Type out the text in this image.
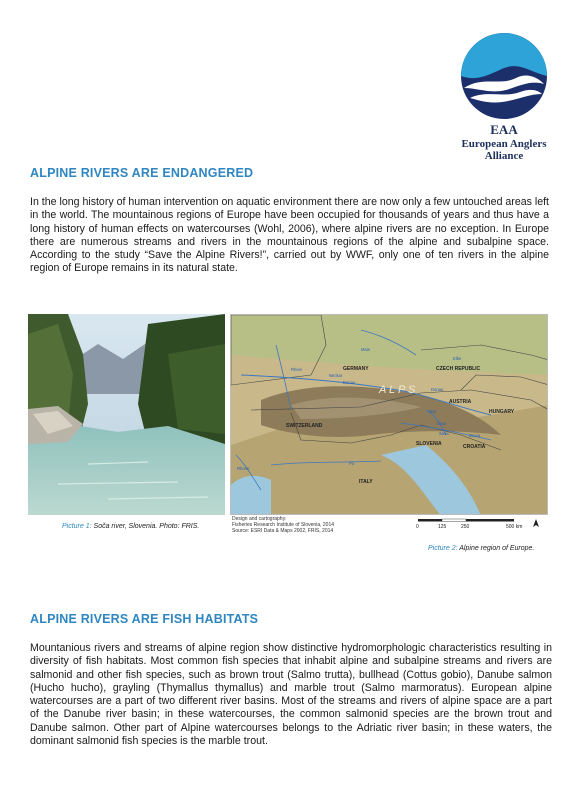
EAA
European Anglers
Alliance
ALPINE RIVERS ARE ENDANGERED

In the long history of human intervention on aquatic environment there are now only a few untouched areas left in the world. The mountainous regions of Europe have been occupied for thousands of years and thus have a long history of human effects on watercourses (Wohl, 2006), where alpine rivers are no exception. In Europe there are numerous streams and rivers in the mountainous regions of the alpine and subalpine space. According to the study “Save the Alpine Rivers!”, carried out by WWF, only one of ten rivers in the alpine region of Europe remains in its natural state.

Picture 1: Soča river, Slovenia. Photo: FRIS.
A L P S
GERMANY	CZECH REPUBLIC
AUSTRIA
HUNGARY
SWITZERLAND
SLOVENIA	CROATIA
ITALY
Rhein
Main
Neckar
Donau
Elbe
Donau
Mur
Drau
Drava
Sava
Po
Rhone
Design and cartography:
Fisheries Research Institute of Slovenia, 2014
Source: ESRI Data & Maps 2002, FRIS, 2014
0	125	250	500 km
Picture 2: Alpine region of Europe.
ALPINE RIVERS ARE FISH HABITATS

Mountanious rivers and streams of alpine region show distinctive hydromorphologic characteristics resulting in diversity of fish habitats. Most common fish species that inhabit alpine and subalpine streams and rivers are salmonid and other fish species, such as brown trout (Salmo trutta), bullhead (Cottus gobio), Danube salmon (Hucho hucho), grayling (Thymallus thymallus) and marble trout (Salmo marmoratus). European alpine watercourses are a part of two different river basins. Most of the streams and rivers of alpine space are a part of the Danube river basin; in these watercourses, the common salmonid species are the brown trout and Danube salmon. Other part of Alpine watercourses belongs to the Adriatic river basin; in these waters, the dominant salmonid fish species is the marble trout.
